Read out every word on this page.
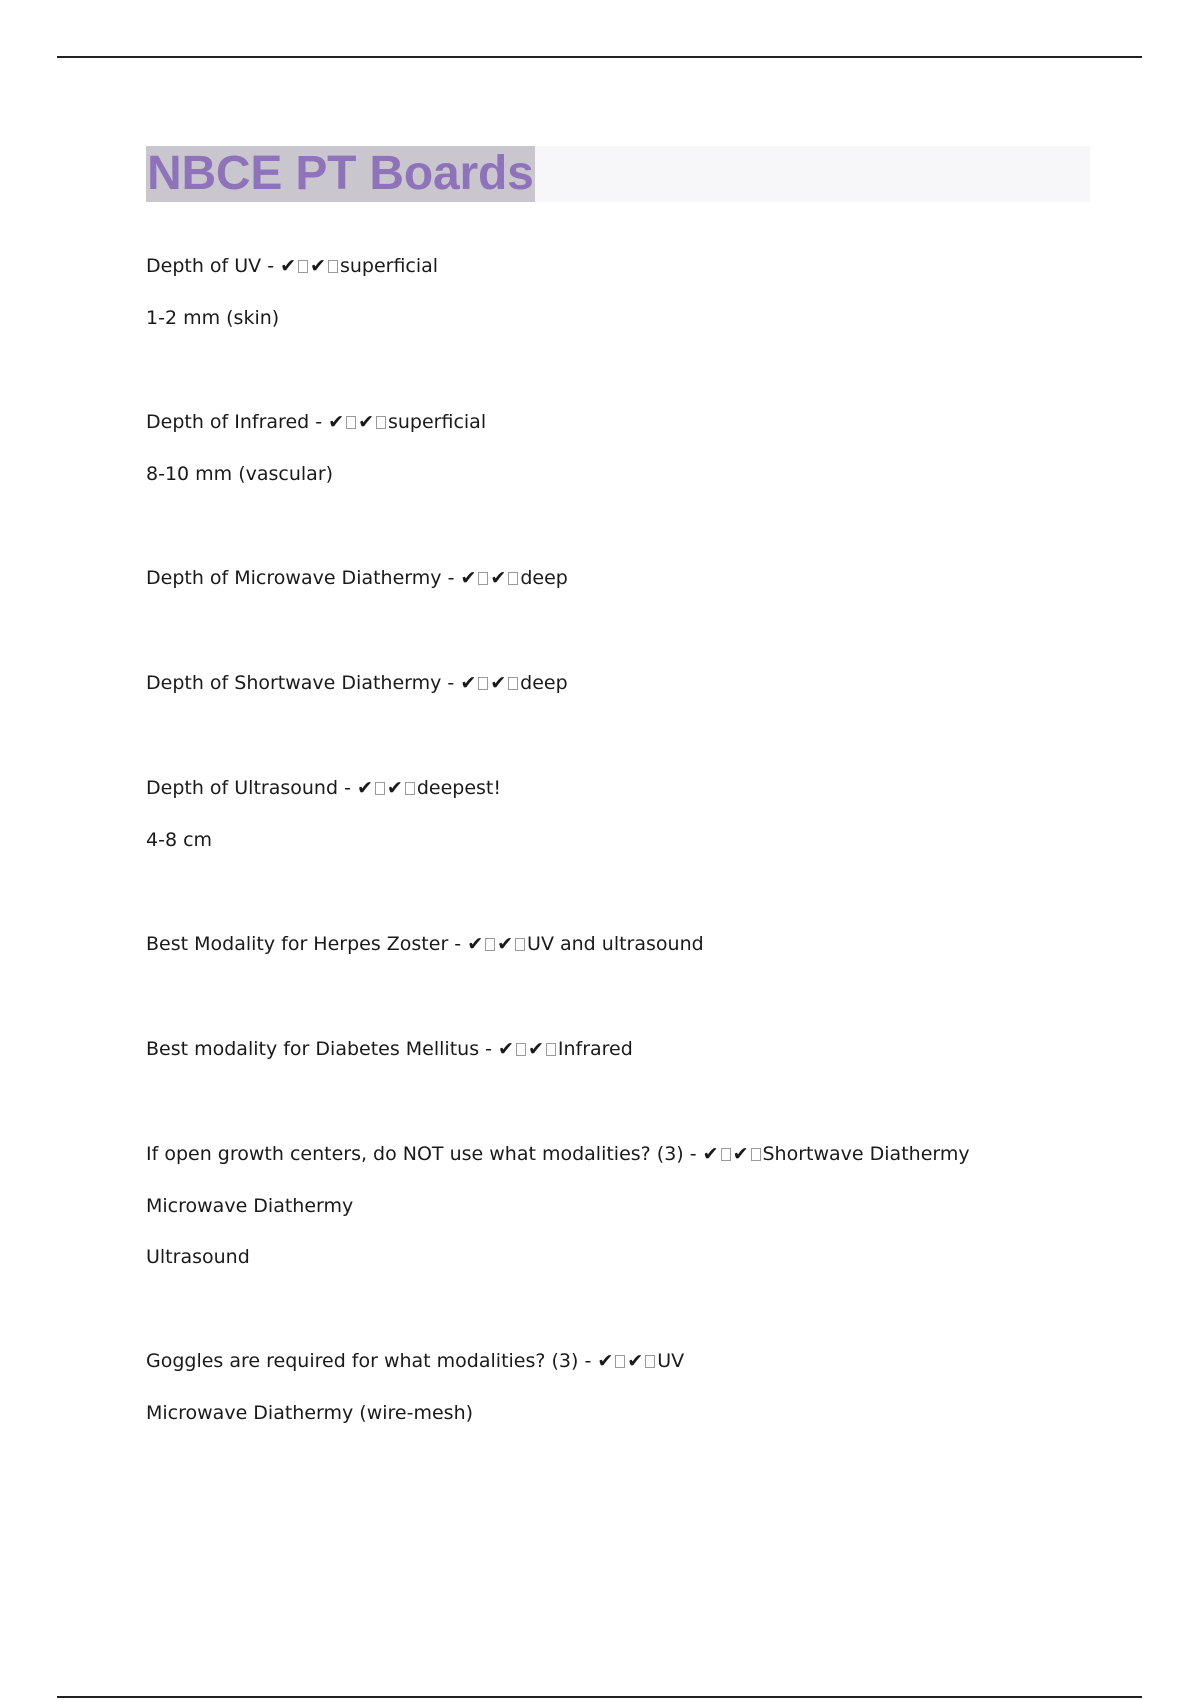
NBCE PT Boards
Depth of UV - ✔ ✔ superficial
1-2 mm (skin)
Depth of Infrared - ✔ ✔ superficial
8-10 mm (vascular)
Depth of Microwave Diathermy - ✔ ✔ deep
Depth of Shortwave Diathermy - ✔ ✔ deep
Depth of Ultrasound - ✔ ✔ deepest!
4-8 cm
Best Modality for Herpes Zoster - ✔ ✔ UV and ultrasound
Best modality for Diabetes Mellitus - ✔ ✔ Infrared
If open growth centers, do NOT use what modalities? (3) - ✔ ✔ Shortwave Diathermy
Microwave Diathermy
Ultrasound
Goggles are required for what modalities? (3) - ✔ ✔ UV
Microwave Diathermy (wire-mesh)
